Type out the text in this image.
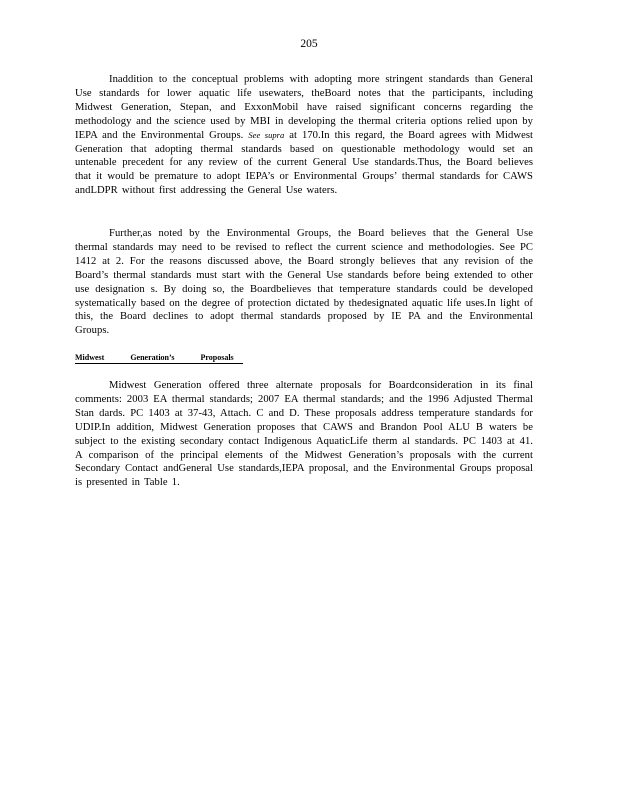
205

Inaddition to the conceptual problems with adopting more stringent standards than General Use standards for lower aquatic life usewaters, theBoard notes that the participants, including Midwest Generation, Stepan, and ExxonMobil have raised significant concerns regarding the methodology and the science used by MBI in developing the thermal criteria options relied upon by IEPA and the Environmental Groups. See supra at 170.In this regard, the Board agrees with Midwest Generation that adopting thermal standards based on questionable methodology would set an untenable precedent for any review of the current General Use standards.Thus, the Board believes that it would be premature to adopt IEPA’s or Environmental Groups’ thermal standards for CAWS andLDPR without first addressing the General Use waters.

Further,as noted by the Environmental Groups, the Board believes that the General Use thermal standards may need to be revised to reflect the current science and methodologies. See PC 1412 at 2. For the reasons discussed above, the Board strongly believes that any revision of the Board’s thermal standards must start with the General Use standards before being extended to other use designation s. By doing so, the Boardbelieves that temperature standards could be developed systematically based on the degree of protection dictated by thedesignated aquatic life uses.In light of this, the Board declines to adopt thermal standards proposed by IE PA and the Environmental Groups.

Midwest Generation’s Proposals

Midwest Generation offered three alternate proposals for Boardconsideration in its final comments: 2003 EA thermal standards; 2007 EA thermal standards; and the 1996 Adjusted Thermal Stan dards. PC 1403 at 37-43, Attach. C and D. These proposals address temperature standards for UDIP.In addition, Midwest Generation proposes that CAWS and Brandon Pool ALU B waters be subject to the existing secondary contact Indigenous AquaticLife therm al standards. PC 1403 at 41. A comparison of the principal elements of the Midwest Generation’s proposals with the current Secondary Contact andGeneral Use standards,IEPA proposal, and the Environmental Groups proposal is presented in Table 1.
